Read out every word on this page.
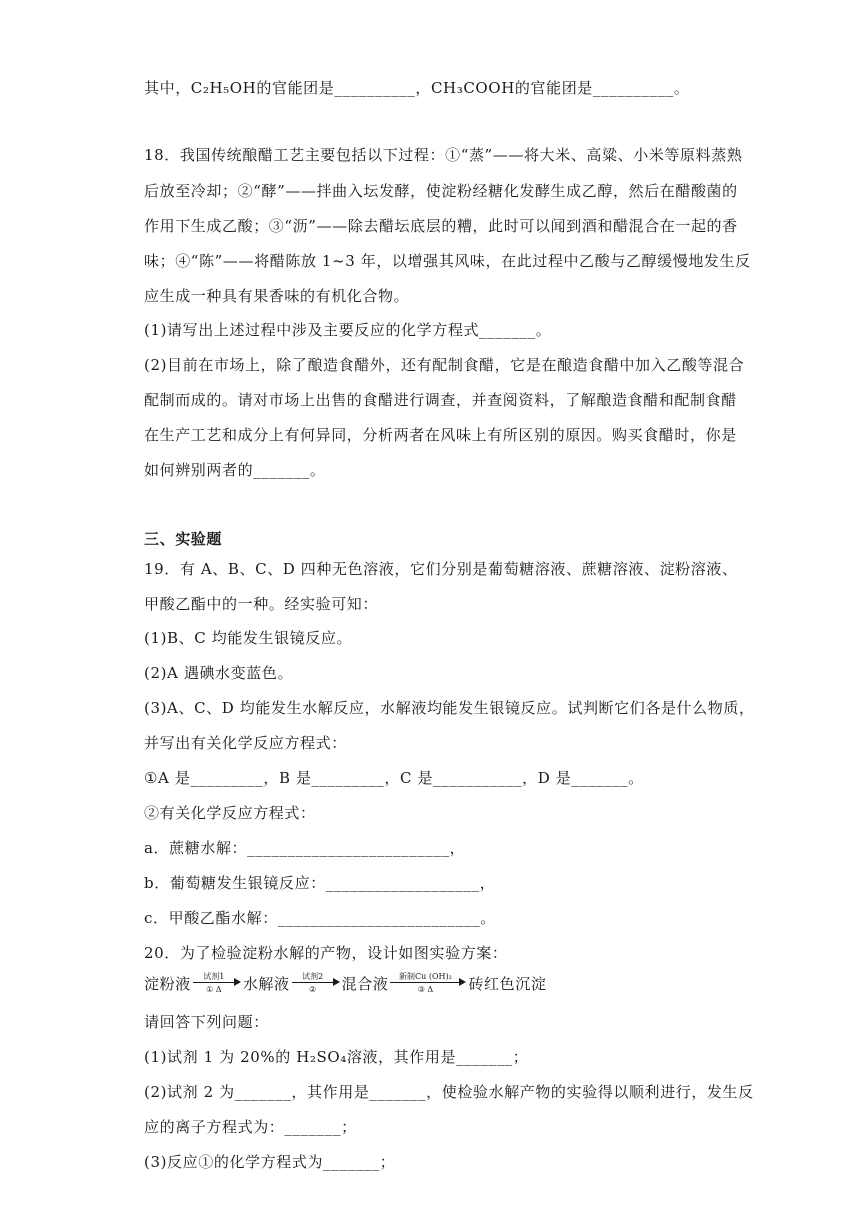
其中，C₂H₅OH的官能团是__________，CH₃COOH的官能团是__________。
18．我国传统酿醋工艺主要包括以下过程：①“蒸”——将大米、高粱、小米等原料蒸熟
后放至冷却；②“酵”——拌曲入坛发酵，使淀粉经糖化发酵生成乙醇，然后在醋酸菌的
作用下生成乙酸；③“沥”——除去醋坛底层的糟，此时可以闻到酒和醋混合在一起的香
味；④“陈”——将醋陈放 1~3 年，以增强其风味，在此过程中乙酸与乙醇缓慢地发生反
应生成一种具有果香味的有机化合物。
(1)请写出上述过程中涉及主要反应的化学方程式_______。
(2)目前在市场上，除了酿造食醋外，还有配制食醋，它是在酿造食醋中加入乙酸等混合
配制而成的。请对市场上出售的食醋进行调查，并查阅资料，了解酿造食醋和配制食醋
在生产工艺和成分上有何异同，分析两者在风味上有所区别的原因。购买食醋时，你是
如何辨别两者的_______。
三、实验题
19．有 A、B、C、D 四种无色溶液，它们分别是葡萄糖溶液、蔗糖溶液、淀粉溶液、
甲酸乙酯中的一种。经实验可知：
(1)B、C 均能发生银镜反应。
(2)A 遇碘水变蓝色。
(3)A、C、D 均能发生水解反应，水解液均能发生银镜反应。试判断它们各是什么物质，
并写出有关化学反应方程式：
①A 是_________，B 是_________，C 是___________，D 是_______。
②有关化学反应方程式：
a．蔗糖水解：_________________________，
b．葡萄糖发生银镜反应：___________________，
c．甲酸乙酯水解：_________________________。
20．为了检验淀粉水解的产物，设计如图实验方案：
淀粉液	试剂1
① Δ	水解液	试剂2
②	混合液	新制Cu (OH)₂
③ Δ	砖红色沉淀
请回答下列问题：
(1)试剂 1 为 20%的 H₂SO₄溶液，其作用是_______；
(2)试剂 2 为_______，其作用是_______，使检验水解产物的实验得以顺利进行，发生反
应的离子方程式为：_______；
(3)反应①的化学方程式为_______；
